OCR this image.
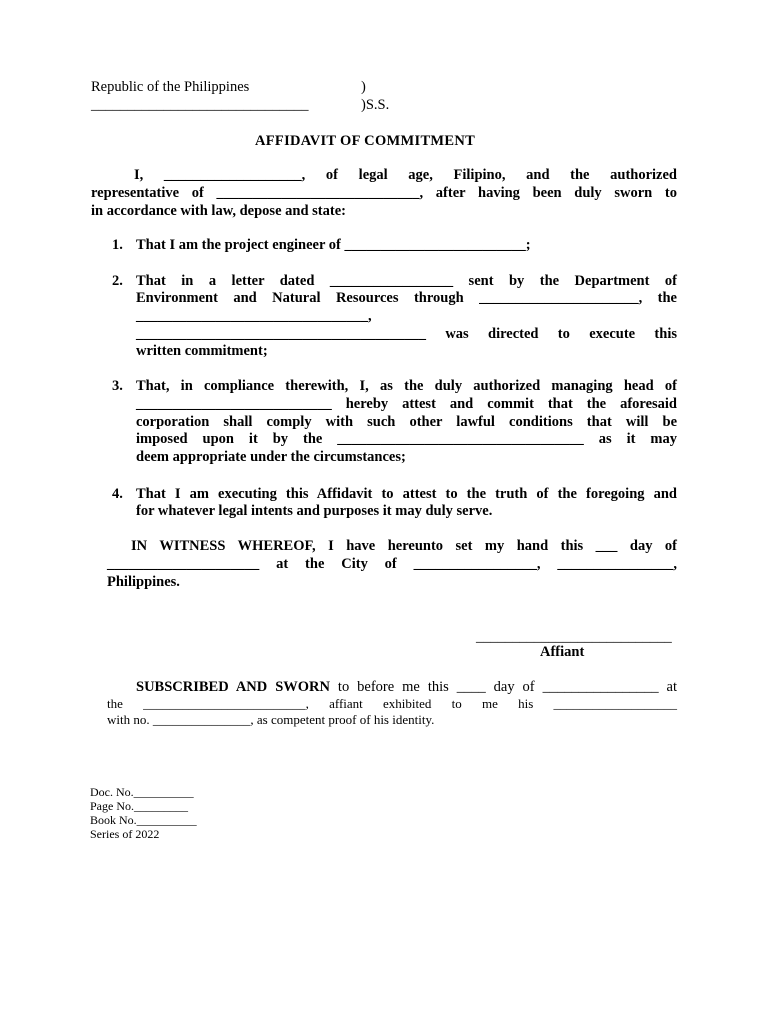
Republic of the Philippines	)
______________________________	)S.S.
AFFIDAVIT OF COMMITMENT
I, ___________________, of legal age, Filipino, and the authorized
representative of ____________________________, after having been duly sworn to
in accordance with law, depose and state:
1. That I am the project engineer of _________________________;
2. That in a letter dated _________________ sent by the Department of
Environment and Natural Resources through ______________________, the
________________________________,
________________________________________ was directed to execute this
written commitment;
3. That, in compliance therewith, I, as the duly authorized managing head of
___________________________ hereby attest and commit that the aforesaid
corporation shall comply with such other lawful conditions that will be
imposed upon it by the __________________________________ as it may
deem appropriate under the circumstances;
4. That I am executing this Affidavit to attest to the truth of the foregoing and
for whatever legal intents and purposes it may duly serve.
IN WITNESS WHEREOF, I have hereunto set my hand this ___ day of
_____________________ at the City of _________________, ________________,
Philippines.
___________________________
Affiant
SUBSCRIBED AND SWORN to before me this ____ day of ________________ at
the _________________________, affiant exhibited to me his ___________________
with no. _______________, as competent proof of his identity.
Doc. No.__________
Page No._________
Book No.__________
Series of 2022
